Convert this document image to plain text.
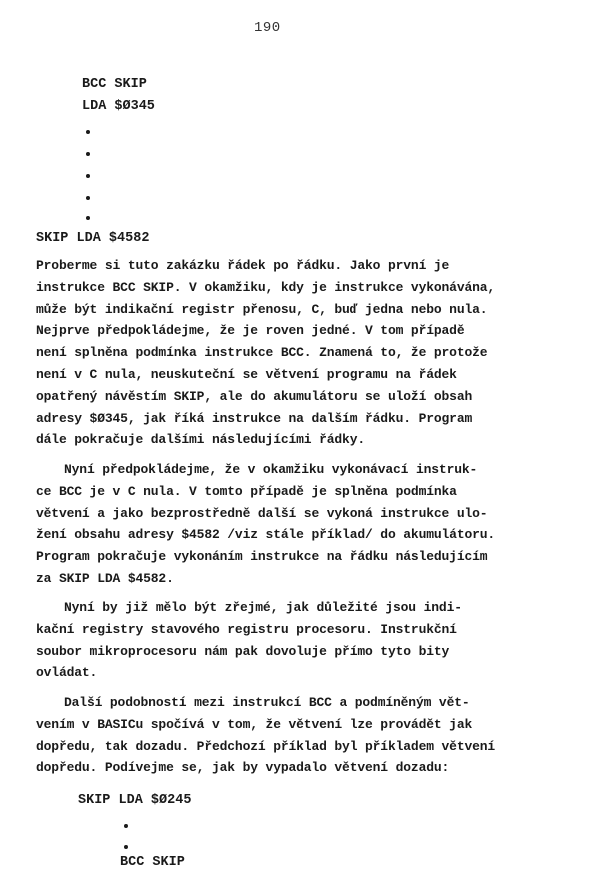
190
BCC SKIP
LDA $Ø345
SKIP LDA $4582
Proberme si tuto zakázku řádek po řádku. Jako první je
instrukce BCC SKIP. V okamžiku, kdy je instrukce vykonávána,
může být indikační registr přenosu, C, buď jedna nebo nula.
Nejprve předpokládejme, že je roven jedné. V tom případě
není splněna podmínka instrukce BCC. Znamená to, že protože
není v C nula, neuskuteční se větvení programu na řádek
opatřený návěstím SKIP, ale do akumulátoru se uloží obsah
adresy $Ø345, jak říká instrukce na dalším řádku. Program
dále pokračuje dalšími následujícími řádky.
Nyní předpokládejme, že v okamžiku vykonávací instruk-
ce BCC je v C nula. V tomto případě je splněna podmínka
větvení a jako bezprostředně další se vykoná instrukce ulo-
žení obsahu adresy $4582 /viz stále příklad/ do akumulátoru.
Program pokračuje vykonáním instrukce na řádku následujícím
za SKIP LDA $4582.
Nyní by již mělo být zřejmé, jak důležité jsou indi-
kační registry stavového registru procesoru. Instrukční
soubor mikroprocesoru nám pak dovoluje přímo tyto bity
ovládat.
Další podobností mezi instrukcí BCC a podmíněným vět-
vením v BASICu spočívá v tom, že větvení lze provádět jak
dopředu, tak dozadu. Předchozí příklad byl příkladem větvení
dopředu. Podívejme se, jak by vypadalo větvení dozadu:
SKIP LDA $Ø245
BCC SKIP
